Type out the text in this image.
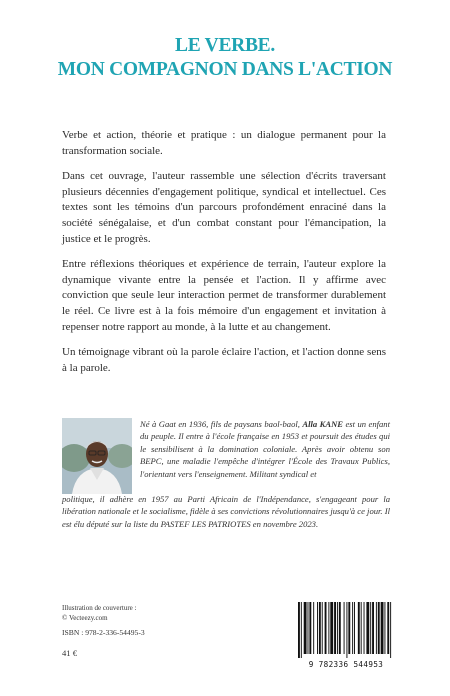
LE VERBE.
MON COMPAGNON DANS L'ACTION

Verbe et action, théorie et pratique : un dialogue permanent pour la transformation sociale.

Dans cet ouvrage, l'auteur rassemble une sélection d'écrits traversant plusieurs décennies d'engagement politique, syndical et intellectuel. Ces textes sont les témoins d'un parcours profondément enraciné dans la société sénégalaise, et d'un combat constant pour l'émancipation, la justice et le progrès.

Entre réflexions théoriques et expérience de terrain, l'auteur explore la dynamique vivante entre la pensée et l'action. Il y affirme avec conviction que seule leur interaction permet de transformer durablement le réel. Ce livre est à la fois mémoire d'un engagement et invitation à repenser notre rapport au monde, à la lutte et au changement.

Un témoignage vibrant où la parole éclaire l'action, et l'action donne sens à la parole.

Né à Gaat en 1936, fils de paysans baol-baol, Alla KANE est un enfant du peuple. Il entre à l'école française en 1953 et poursuit des études qui le sensibilisent à la domination coloniale. Après avoir obtenu son BEPC, une maladie l'empêche d'intégrer l'École des Travaux Publics, l'orientant vers l'enseignement. Militant syndical et

politique, il adhère en 1957 au Parti Africain de l'Indépendance, s'engageant pour la libération nationale et le socialisme, fidèle à ses convictions révolutionnaires jusqu'à ce jour. Il est élu député sur la liste du PASTEF LES PATRIOTES en novembre 2023.

Illustration de couverture :
© Vecteezy.com
ISBN : 978-2-336-54495-3
41 €
9 782336 544953
